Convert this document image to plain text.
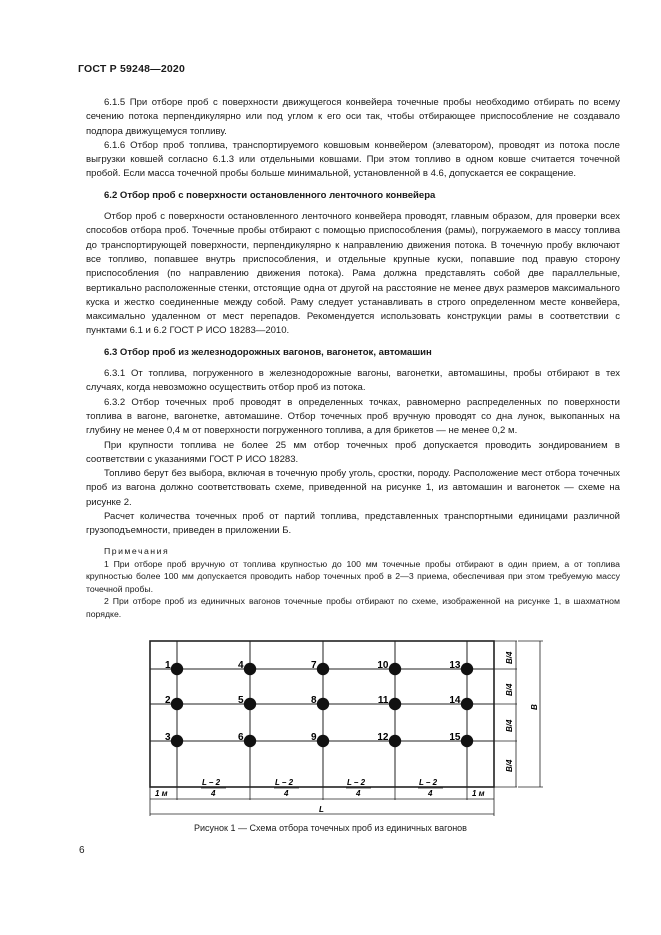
ГОСТ Р 59248—2020

6.1.5 При отборе проб с поверхности движущегося конвейера точечные пробы необходимо отбирать по всему сечению потока перпендикулярно или под углом к его оси так, чтобы отбирающее приспособление не создавало подпора движущемуся топливу.

6.1.6 Отбор проб топлива, транспортируемого ковшовым конвейером (элеватором), проводят из потока после выгрузки ковшей согласно 6.1.3 или отдельными ковшами. При этом топливо в одном ковше считается точечной пробой. Если масса точечной пробы больше минимальной, установленной в 4.6, допускается ее сокращение.

6.2 Отбор проб с поверхности остановленного ленточного конвейера

Отбор проб с поверхности остановленного ленточного конвейера проводят, главным образом, для проверки всех способов отбора проб. Точечные пробы отбирают с помощью приспособления (рамы), погружаемого в массу топлива до транспортирующей поверхности, перпендикулярно к направлению движения потока. В точечную пробу включают все топливо, попавшее внутрь приспособления, и отдельные крупные куски, попавшие под правую сторону приспособления (по направлению движения потока). Рама должна представлять собой две параллельные, вертикально расположенные стенки, отстоящие одна от другой на расстояние не менее двух размеров максимального куска и жестко соединенные между собой. Раму следует устанавливать в строго определенном месте конвейера, максимально удаленном от мест перепадов. Рекомендуется использовать конструкции рамы в соответствии с пунктами 6.1 и 6.2 ГОСТ Р ИСО 18283—2010.

6.3 Отбор проб из железнодорожных вагонов, вагонеток, автомашин

6.3.1 От топлива, погруженного в железнодорожные вагоны, вагонетки, автомашины, пробы отбирают в тех случаях, когда невозможно осуществить отбор проб из потока.

6.3.2 Отбор точечных проб проводят в определенных точках, равномерно распределенных по поверхности топлива в вагоне, вагонетке, автомашине. Отбор точечных проб вручную проводят со дна лунок, выкопанных на глубину не менее 0,4 м от поверхности погруженного топлива, а для брикетов — не менее 0,2 м.

При крупности топлива не более 25 мм отбор точечных проб допускается проводить зондированием в соответствии с указаниями ГОСТ Р ИСО 18283.

Топливо берут без выбора, включая в точечную пробу уголь, сростки, породу. Расположение мест отбора точечных проб из вагона должно соответствовать схеме, приведенной на рисунке 1, из автомашин и вагонеток — схеме на рисунке 2.

Расчет количества точечных проб от партий топлива, представленных транспортными единицами различной грузоподъемности, приведен в приложении Б.

Примечания

1 При отборе проб вручную от топлива крупностью до 100 мм точечные пробы отбирают в один прием, а от топлива крупностью более 100 мм допускается проводить набор точечных проб в 2—3 приема, обеспечивая при этом требуемую массу точечной пробы.

2 При отборе проб из единичных вагонов точечные пробы отбирают по схеме, изображенной на рисунке 1, в шахматном порядке.

1	4	7	10	13
2	5	8	11	14
3	6	9	12	15
B/4
B/4
B/4
B/4
B
1 м	1 м
L – 2
4
L – 2
4
L – 2
4
L – 2
4
L
Рисунок 1 — Схема отбора точечных проб из единичных вагонов
6
